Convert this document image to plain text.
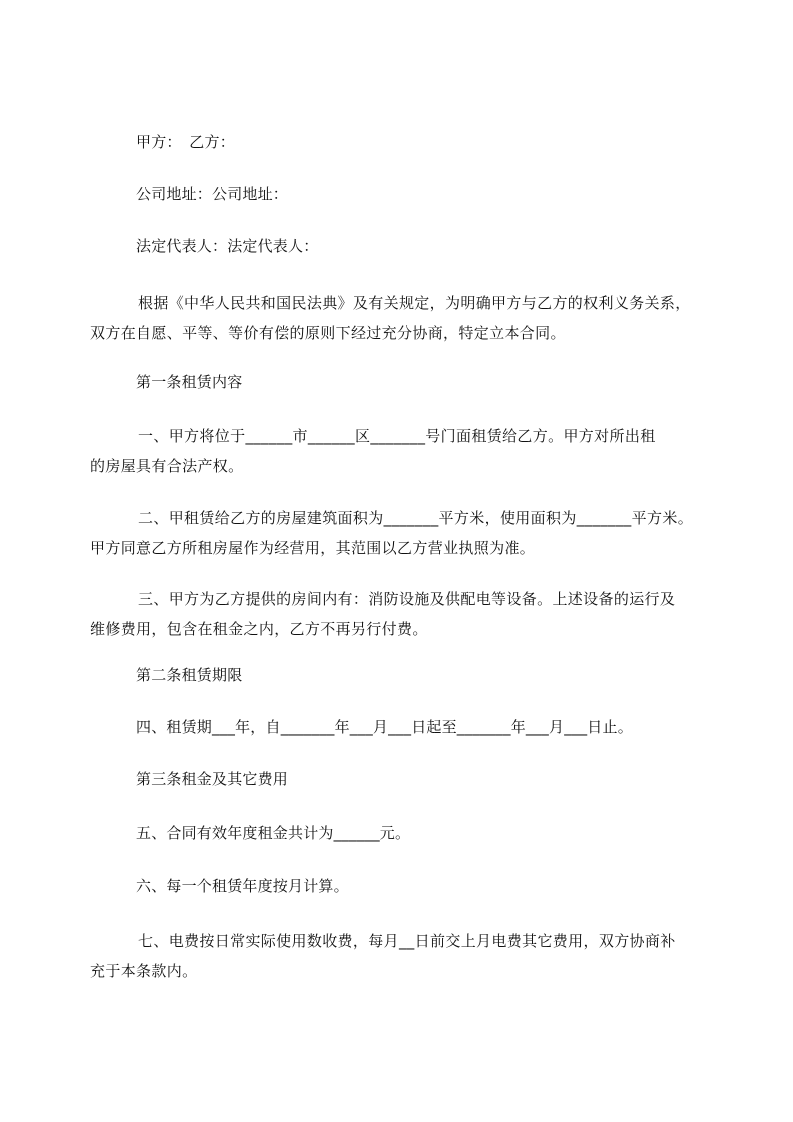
甲方：　乙方：
公司地址：公司地址：
法定代表人：法定代表人：
根据《中华人民共和国民法典》及有关规定，为明确甲方与乙方的权利义务关系，
双方在自愿、平等、等价有偿的原则下经过充分协商，特定立本合同。
第一条租赁内容
一、甲方将位于______市______区_______号门面租赁给乙方。甲方对所出租
的房屋具有合法产权。
二、甲租赁给乙方的房屋建筑面积为_______平方米，使用面积为_______平方米。
甲方同意乙方所租房屋作为经营用，其范围以乙方营业执照为准。
三、甲方为乙方提供的房间内有：消防设施及供配电等设备。上述设备的运行及
维修费用，包含在租金之内，乙方不再另行付费。
第二条租赁期限
四、租赁期___年，自_______年___月___日起至_______年___月___日止。
第三条租金及其它费用
五、合同有效年度租金共计为______元。
六、每一个租赁年度按月计算。
七、电费按日常实际使用数收费，每月__日前交上月电费其它费用，双方协商补
充于本条款内。
